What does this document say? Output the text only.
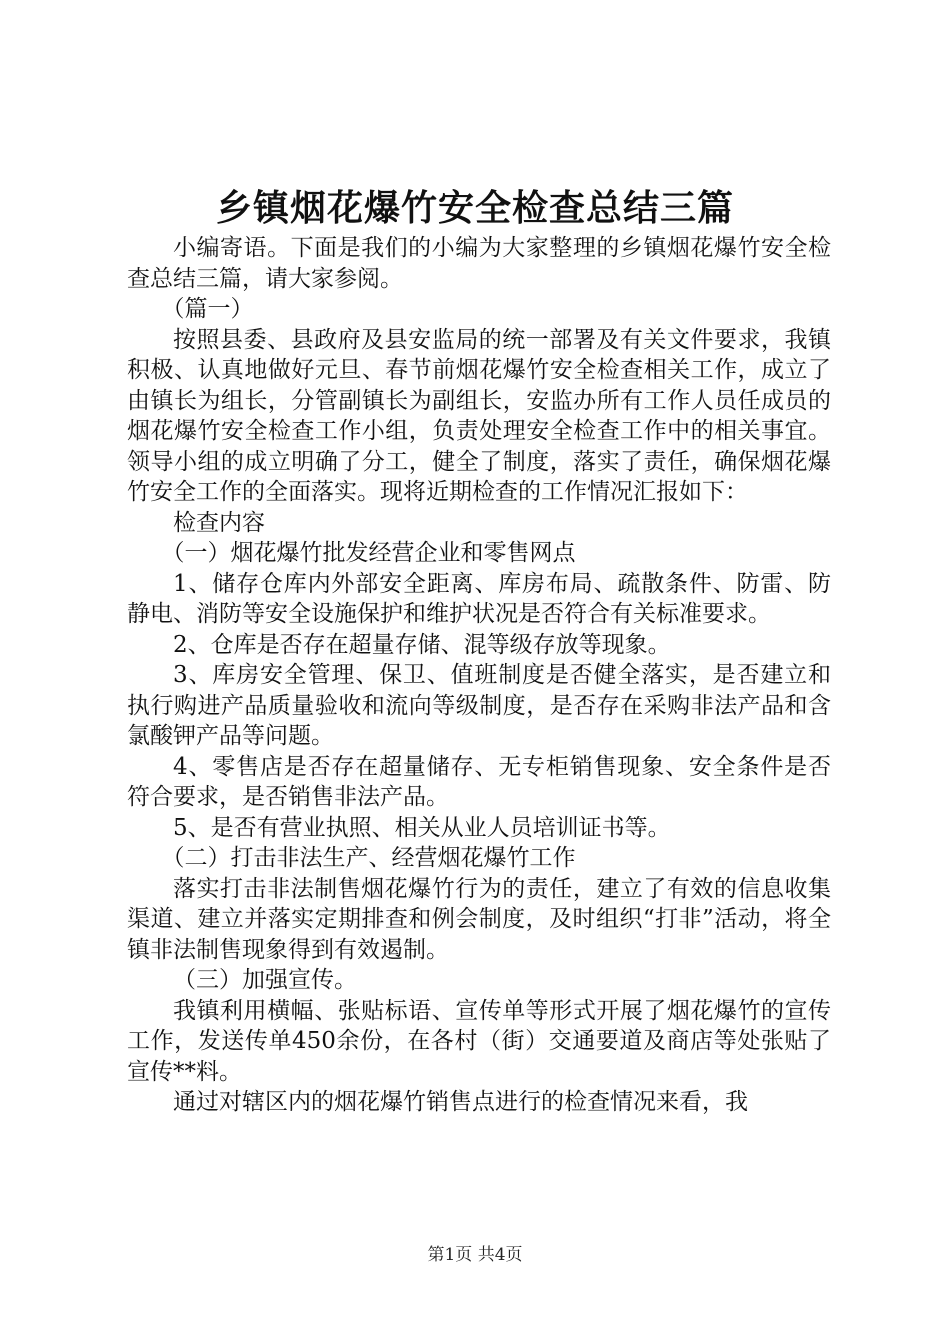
乡镇烟花爆竹安全检查总结三篇

小编寄语。下面是我们的小编为大家整理的乡镇烟花爆竹安全检查总结三篇，请大家参阅。

（篇一）

按照县委、县政府及县安监局的统一部署及有关文件要求，我镇积极、认真地做好元旦、春节前烟花爆竹安全检查相关工作，成立了由镇长为组长，分管副镇长为副组长，安监办所有工作人员任成员的烟花爆竹安全检查工作小组，负责处理安全检查工作中的相关事宜。领导小组的成立明确了分工，健全了制度，落实了责任，确保烟花爆竹安全工作的全面落实。现将近期检查的工作情况汇报如下：

检查内容

（一）烟花爆竹批发经营企业和零售网点

1、储存仓库内外部安全距离、库房布局、疏散条件、防雷、防静电、消防等安全设施保护和维护状况是否符合有关标准要求。

2、仓库是否存在超量存储、混等级存放等现象。

3、库房安全管理、保卫、值班制度是否健全落实，是否建立和执行购进产品质量验收和流向等级制度，是否存在采购非法产品和含氯酸钾产品等问题。

4、零售店是否存在超量储存、无专柜销售现象、安全条件是否符合要求，是否销售非法产品。

5、是否有营业执照、相关从业人员培训证书等。

（二）打击非法生产、经营烟花爆竹工作

落实打击非法制售烟花爆竹行为的责任，建立了有效的信息收集渠道、建立并落实定期排查和例会制度，及时组织“打非”活动，将全镇非法制售现象得到有效遏制。

（三）加强宣传。

我镇利用横幅、张贴标语、宣传单等形式开展了烟花爆竹的宣传工作，发送传单450余份，在各村（街）交通要道及商店等处张贴了宣传**料。

通过对辖区内的烟花爆竹销售点进行的检查情况来看，我

第1页 共4页
